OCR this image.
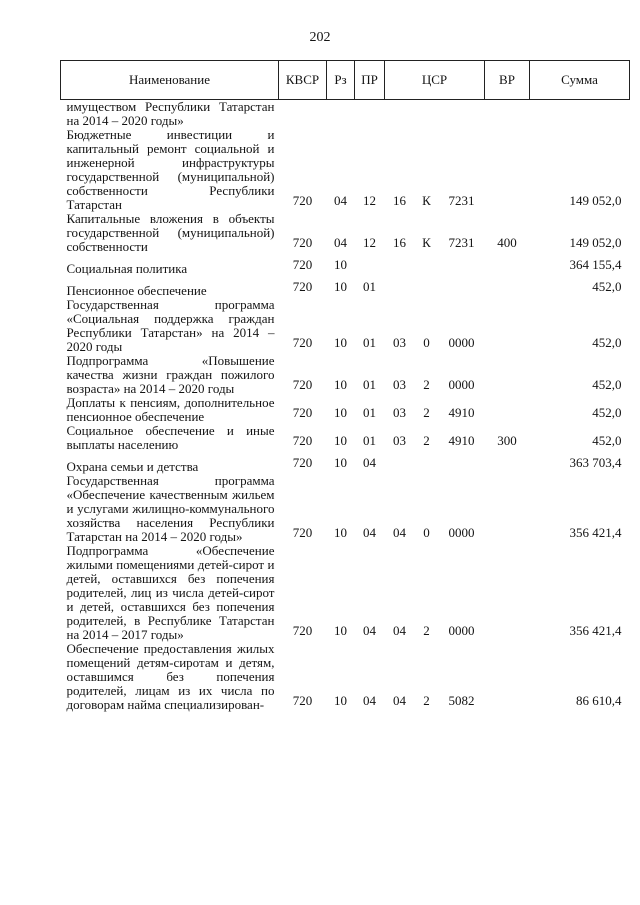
202
Наименование	КВСР	Рз	ПР	ЦСР			ВР	Сумма
имуществом Республики Татарстан на 2014 – 2020 годы»								
Бюджетные инвестиции и капитальный ремонт социальной и инженерной инфраструктуры государственной (муниципальной) собственности Республики Татарстан	720	04	12	16	К	7231		149 052,0
Капитальные вложения в объекты государственной (муниципальной) собственности	720	04	12	16	К	7231	400	149 052,0
Социальная политика	720	10						364 155,4
Пенсионное обеспечение	720	10	01					452,0
Государственная программа «Социальная поддержка граждан Республики Татарстан» на 2014 – 2020 годы	720	10	01	03	0	0000		452,0
Подпрограмма «Повышение качества жизни граждан пожилого возраста» на 2014 – 2020 годы	720	10	01	03	2	0000		452,0
Доплаты к пенсиям, дополнительное пенсионное обеспечение	720	10	01	03	2	4910		452,0
Социальное обеспечение и иные выплаты населению	720	10	01	03	2	4910	300	452,0
Охрана семьи и детства	720	10	04					363 703,4
Государственная программа «Обеспечение качественным жильем и услугами жилищно-коммунального хозяйства населения Республики Татарстан на 2014 – 2020 годы»	720	10	04	04	0	0000		356 421,4
Подпрограмма «Обеспечение жилыми помещениями детей-сирот и детей, оставшихся без попечения родителей, лиц из числа детей-сирот и детей, оставшихся без попечения родителей, в Республике Татарстан на 2014 – 2017 годы»	720	10	04	04	2	0000		356 421,4
Обеспечение предоставления жилых помещений детям-сиротам и детям, оставшимся без попечения родителей, лицам из их числа по договорам найма специализирован-	720	10	04	04	2	5082		86 610,4
